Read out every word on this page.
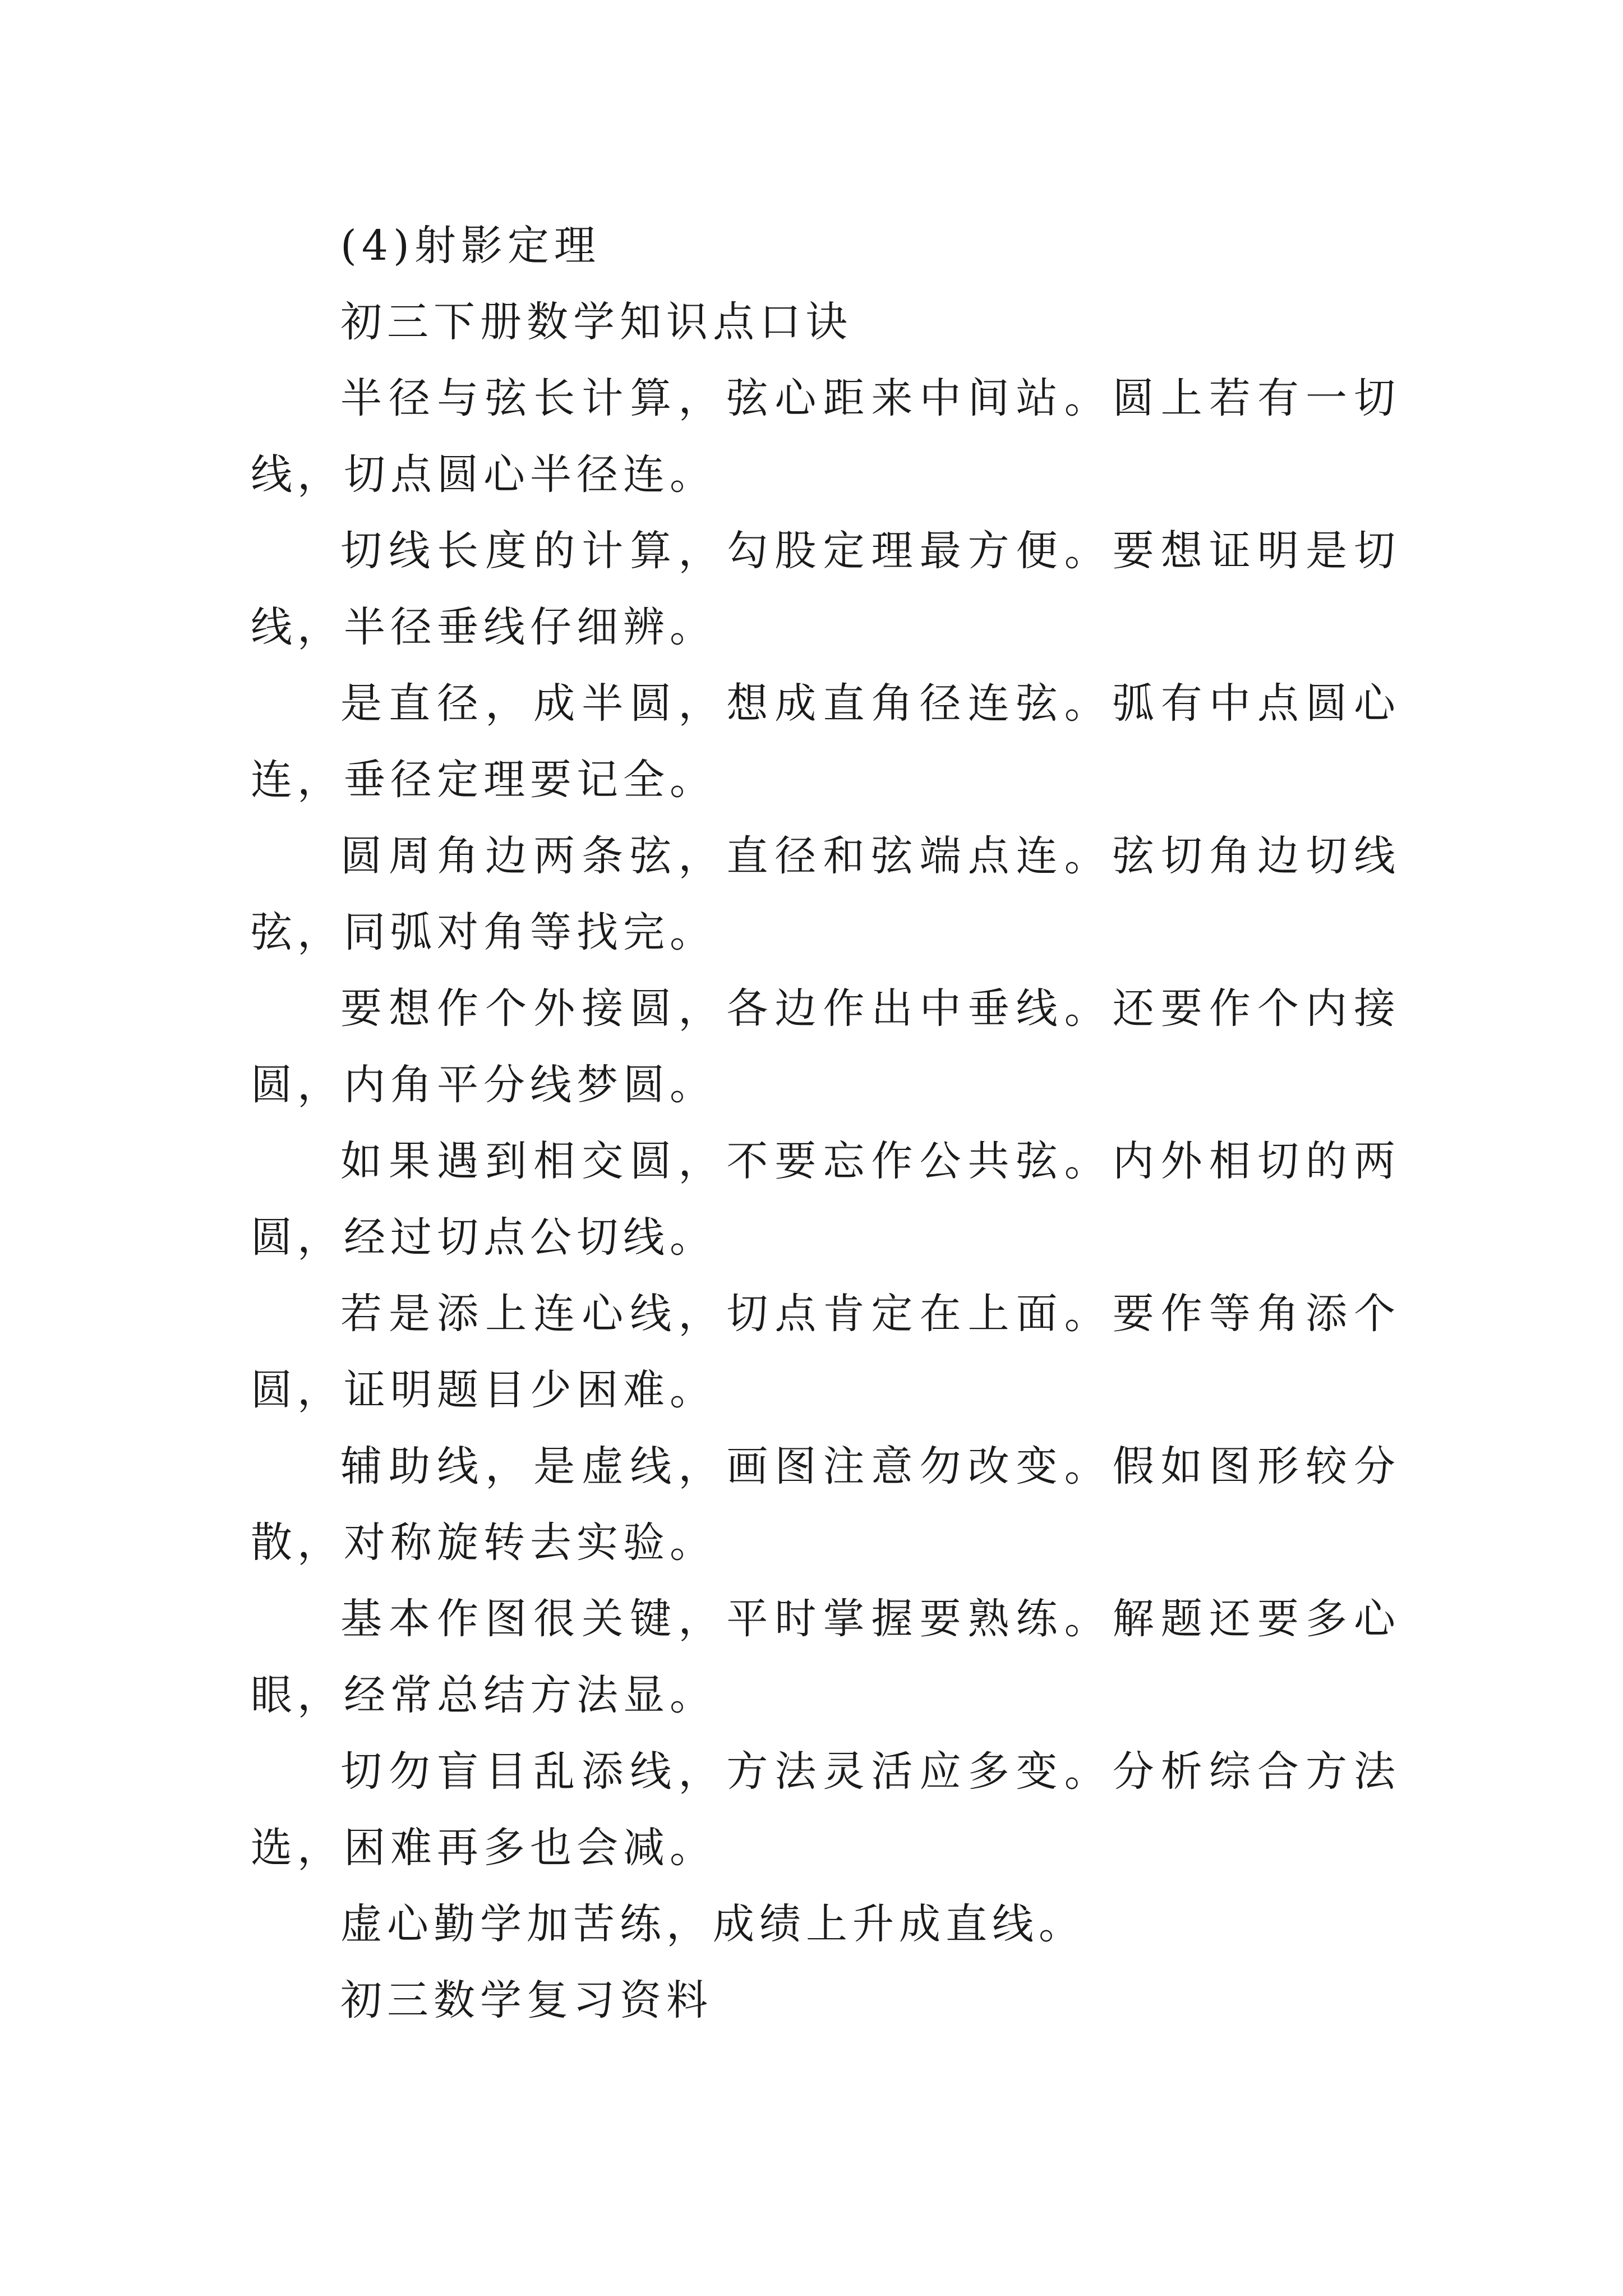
(4)射影定理

初三下册数学知识点口诀

半径与弦长计算，弦心距来中间站。圆上若有一切线，切点圆心半径连。

切线长度的计算，勾股定理最方便。要想证明是切线，半径垂线仔细辨。

是直径，成半圆，想成直角径连弦。弧有中点圆心连，垂径定理要记全。

圆周角边两条弦，直径和弦端点连。弦切角边切线弦，同弧对角等找完。

要想作个外接圆，各边作出中垂线。还要作个内接圆，内角平分线梦圆。

如果遇到相交圆，不要忘作公共弦。内外相切的两圆，经过切点公切线。

若是添上连心线，切点肯定在上面。要作等角添个圆，证明题目少困难。

辅助线，是虚线，画图注意勿改变。假如图形较分散，对称旋转去实验。

基本作图很关键，平时掌握要熟练。解题还要多心眼，经常总结方法显。

切勿盲目乱添线，方法灵活应多变。分析综合方法选，困难再多也会减。

虚心勤学加苦练，成绩上升成直线。

初三数学复习资料
